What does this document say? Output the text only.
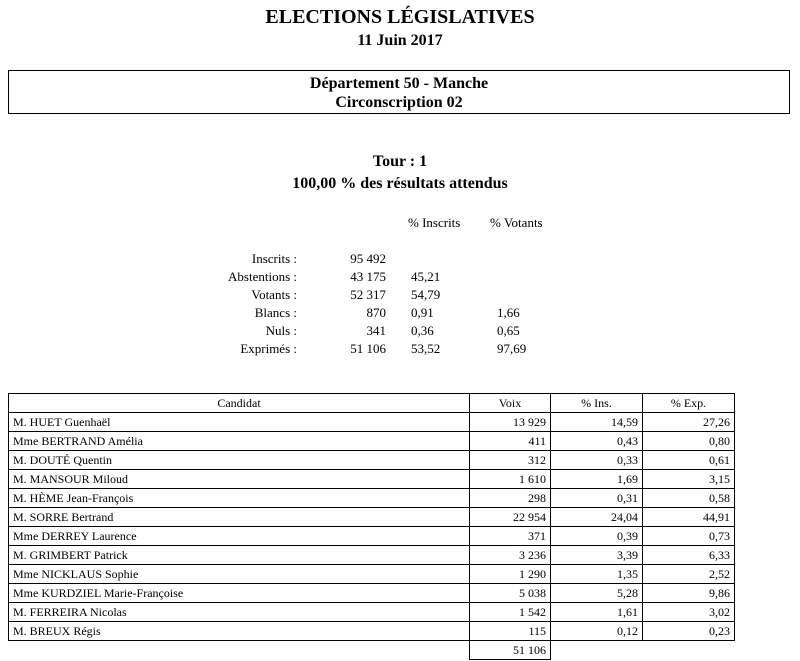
ELECTIONS LÉGISLATIVES
11 Juin 2017
Département 50 - Manche
Circonscription 02
Tour : 1
100,00 % des résultats attendus
% Inscrits % Votants
Inscrits :	95 492
Abstentions :	43 175 45,21
Votants :	52 317 54,79
Blancs :	870 0,91	1,66
Nuls :	341 0,36	0,65
Exprimés :	51 106 53,52	97,69
Candidat	Voix	% Ins.	% Exp.
M. HUET Guenhaël	13 929	14,59	27,26
Mme BERTRAND Amélia	411	0,43	0,80
M. DOUTÉ Quentin	312	0,33	0,61
M. MANSOUR Miloud	1 610	1,69	3,15
M. HÈME Jean-François	298	0,31	0,58
M. SORRE Bertrand	22 954	24,04	44,91
Mme DERREY Laurence	371	0,39	0,73
M. GRIMBERT Patrick	3 236	3,39	6,33
Mme NICKLAUS Sophie	1 290	1,35	2,52
Mme KURDZIEL Marie-Françoise	5 038	5,28	9,86
M. FERREIRA Nicolas	1 542	1,61	3,02
M. BREUX Régis	115	0,12	0,23
	51 106		
